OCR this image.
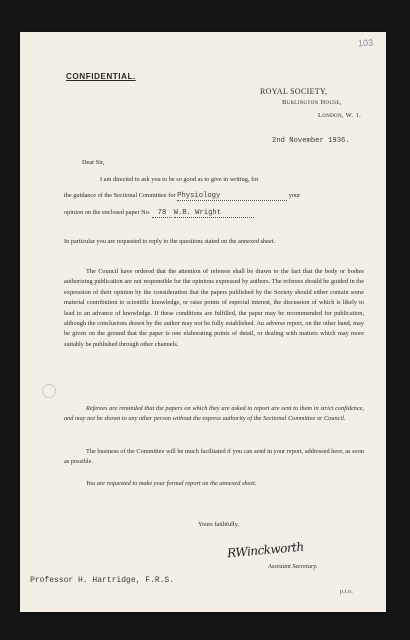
103
CONFIDENTIAL.
ROYAL SOCIETY,
Burlington House,
London, W. 1.
2nd November 1936.
Dear Sir,
I am directed to ask you to be so good as to give in writing, for
the guidance of the Sectional Committee for Physiology	your
opinion on the enclosed paper No. 78 W.B. Wright
In particular you are requested to reply to the questions stated on the annexed sheet.
The Council have ordered that the attention of referees shall be drawn to the fact that the body or bodies authorizing publication are not responsible for the opinions expressed by authors. The referees should be guided in the expression of their opinion by the consideration that the papers published by the Society should either contain some material contribution to scientific knowledge, or raise points of especial interest, the discussion of which is likely to lead to an advance of knowledge. If these conditions are fulfilled, the paper may be recommended for publication, although the conclusions drawn by the author may not be fully established. An adverse report, on the other hand, may be given on the ground that the paper is one elaborating points of detail, or dealing with matters which may more suitably be published through other channels.
Referees are reminded that the papers on which they are asked to report are sent to them in strict confidence, and may not be shown to any other person without the express authority of the Sectional Committee or Council.
The business of the Committee will be much facilitated if you can send in your report, addressed here, as soon as possible.
You are requested to make your formal report on the annexed sheet.
Yours faithfully,
RWinckworth
Assistant Secretary.
Professor H. Hartridge, F.R.S.
p.t.o.
